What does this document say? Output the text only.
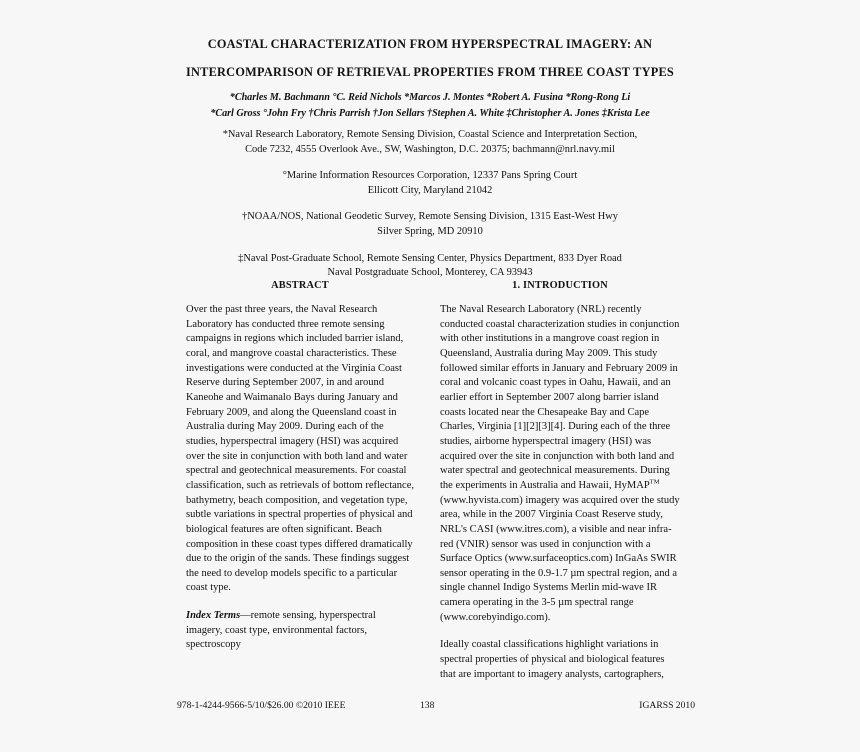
COASTAL CHARACTERIZATION FROM HYPERSPECTRAL IMAGERY: AN
INTERCOMPARISON OF RETRIEVAL PROPERTIES FROM THREE COAST TYPES
*Charles M. Bachmann °C. Reid Nichols *Marcos J. Montes *Robert A. Fusina *Rong-Rong Li
*Carl Gross °John Fry †Chris Parrish †Jon Sellars †Stephen A. White ‡Christopher A. Jones ‡Krista Lee
*Naval Research Laboratory, Remote Sensing Division, Coastal Science and Interpretation Section,
Code 7232, 4555 Overlook Ave., SW, Washington, D.C. 20375; bachmann@nrl.navy.mil
°Marine Information Resources Corporation, 12337 Pans Spring Court
Ellicott City, Maryland 21042
†NOAA/NOS, National Geodetic Survey, Remote Sensing Division, 1315 East-West Hwy
Silver Spring, MD 20910
‡Naval Post-Graduate School, Remote Sensing Center, Physics Department, 833 Dyer Road
Naval Postgraduate School, Monterey, CA 93943
ABSTRACT

Over the past three years, the Naval Research Laboratory has conducted three remote sensing campaigns in regions which included barrier island, coral, and mangrove coastal characteristics. These investigations were conducted at the Virginia Coast Reserve during September 2007, in and around Kaneohe and Waimanalo Bays during January and February 2009, and along the Queensland coast in Australia during May 2009. During each of the studies, hyperspectral imagery (HSI) was acquired over the site in conjunction with both land and water spectral and geotechnical measurements. For coastal classification, such as retrievals of bottom reflectance, bathymetry, beach composition, and vegetation type, subtle variations in spectral properties of physical and biological features are often significant. Beach composition in these coast types differed dramatically due to the origin of the sands. These findings suggest the need to develop models specific to a particular coast type.

Index Terms—remote sensing, hyperspectral imagery, coast type, environmental factors, spectroscopy

1. INTRODUCTION

The Naval Research Laboratory (NRL) recently conducted coastal characterization studies in conjunction with other institutions in a mangrove coast region in Queensland, Australia during May 2009. This study followed similar efforts in January and February 2009 in coral and volcanic coast types in Oahu, Hawaii, and an earlier effort in September 2007 along barrier island coasts located near the Chesapeake Bay and Cape Charles, Virginia [1][2][3][4]. During each of the three studies, airborne hyperspectral imagery (HSI) was acquired over the site in conjunction with both land and water spectral and geotechnical measurements. During the experiments in Australia and Hawaii, HyMAP™ (www.hyvista.com) imagery was acquired over the study area, while in the 2007 Virginia Coast Reserve study, NRL's CASI (www.itres.com), a visible and near infra-red (VNIR) sensor was used in conjunction with a Surface Optics (www.surfaceoptics.com) InGaAs SWIR sensor operating in the 0.9-1.7 µm spectral region, and a single channel Indigo Systems Merlin mid-wave IR camera operating in the 3-5 µm spectral range (www.corebyindigo.com).

Ideally coastal classifications highlight variations in spectral properties of physical and biological features that are important to imagery analysts, cartographers,

978-1-4244-9566-5/10/$26.00 ©2010 IEEE	138	IGARSS 2010
